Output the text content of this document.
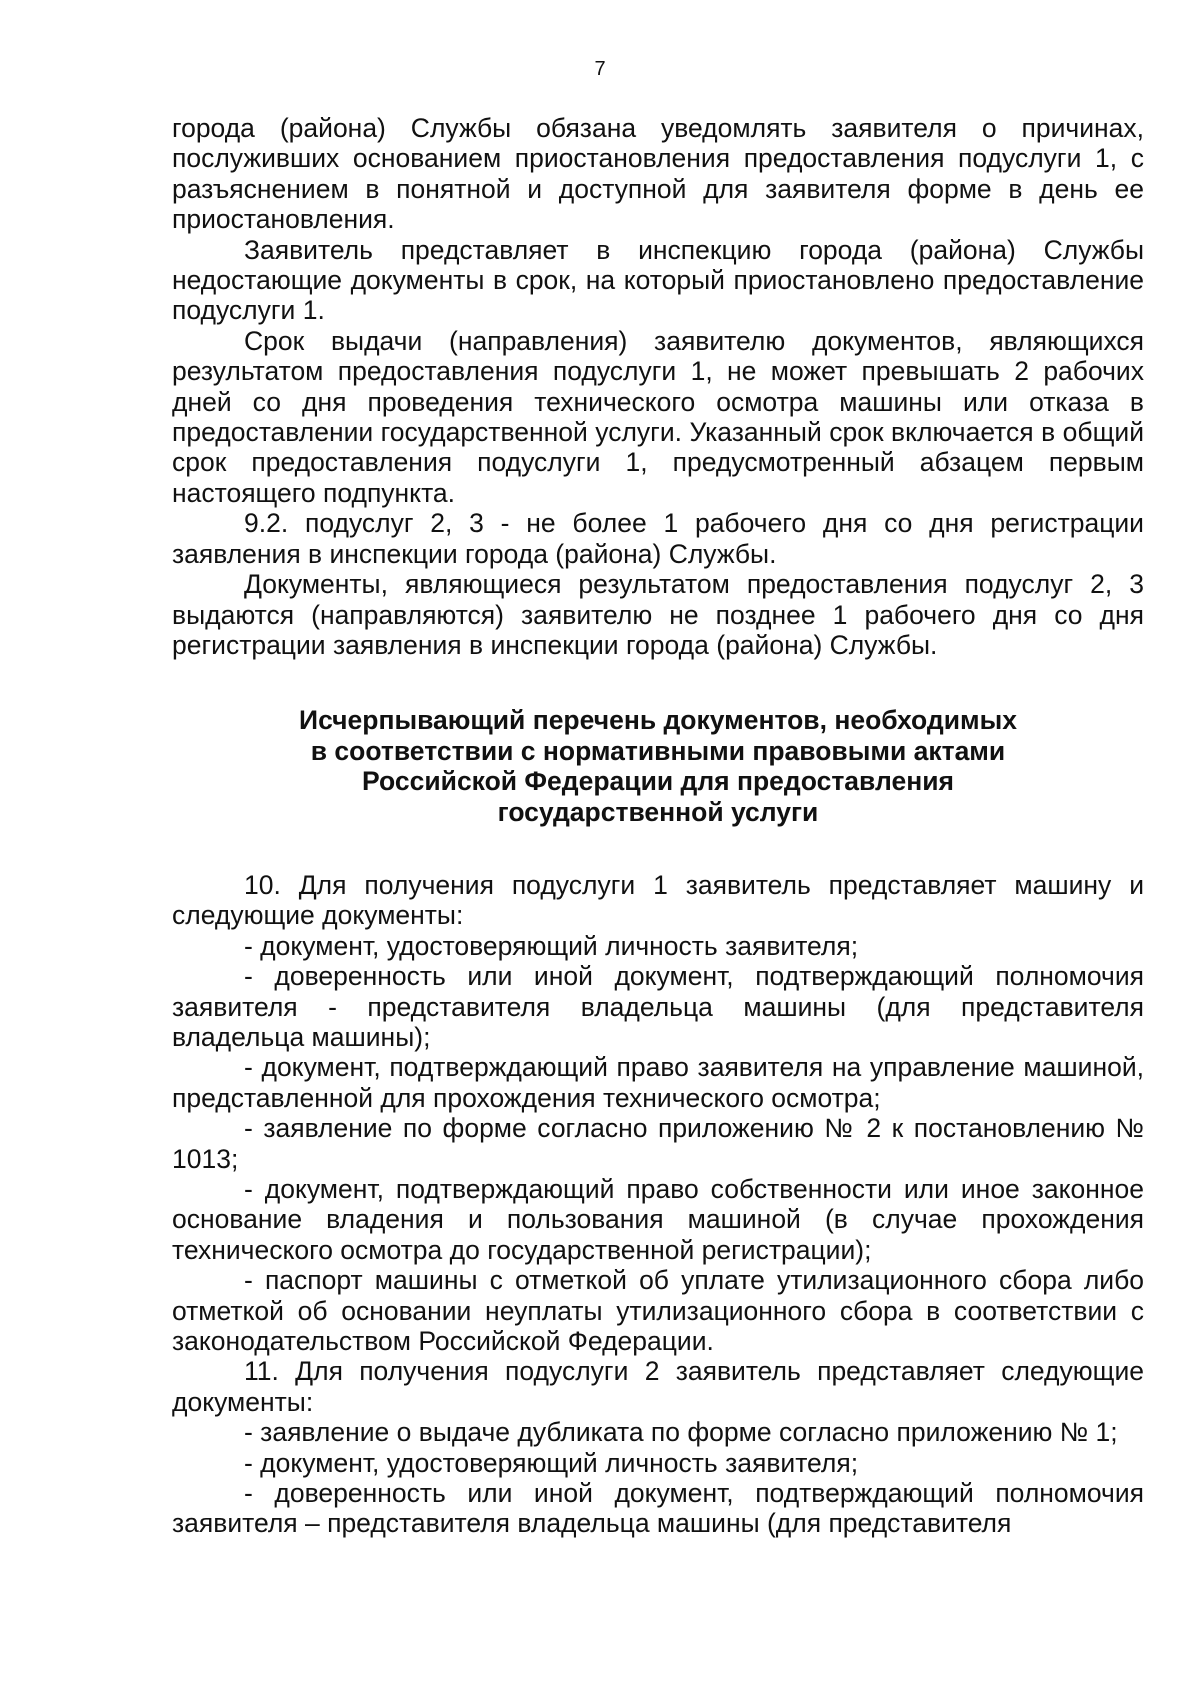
7

города (района) Службы обязана уведомлять заявителя о причинах, послуживших основанием приостановления предоставления подуслуги 1, с разъяснением в понятной и доступной для заявителя форме в день ее приостановления.

Заявитель представляет в инспекцию города (района) Службы недостающие документы в срок, на который приостановлено предоставление подуслуги 1.

Срок выдачи (направления) заявителю документов, являющихся результатом предоставления подуслуги 1, не может превышать 2 рабочих дней со дня проведения технического осмотра машины или отказа в предоставлении государственной услуги. Указанный срок включается в общий срок предоставления подуслуги 1, предусмотренный абзацем первым настоящего подпункта.

9.2. подуслуг 2, 3 - не более 1 рабочего дня со дня регистрации заявления в инспекции города (района) Службы.

Документы, являющиеся результатом предоставления подуслуг 2, 3 выдаются (направляются) заявителю не позднее 1 рабочего дня со дня регистрации заявления в инспекции города (района) Службы.

Исчерпывающий перечень документов, необходимых
в соответствии с нормативными правовыми актами
Российской Федерации для предоставления
государственной услуги

10. Для получения подуслуги 1 заявитель представляет машину и следующие документы:

- документ, удостоверяющий личность заявителя;

- доверенность или иной документ, подтверждающий полномочия заявителя - представителя владельца машины (для представителя владельца машины);

- документ, подтверждающий право заявителя на управление машиной, представленной для прохождения технического осмотра;

- заявление по форме согласно приложению № 2 к постановлению № 1013;

- документ, подтверждающий право собственности или иное законное основание владения и пользования машиной (в случае прохождения технического осмотра до государственной регистрации);

- паспорт машины с отметкой об уплате утилизационного сбора либо отметкой об основании неуплаты утилизационного сбора в соответствии с законодательством Российской Федерации.

11. Для получения подуслуги 2 заявитель представляет следующие документы:

- заявление о выдаче дубликата по форме согласно приложению № 1;

- документ, удостоверяющий личность заявителя;

- доверенность или иной документ, подтверждающий полномочия заявителя – представителя владельца машины (для представителя
